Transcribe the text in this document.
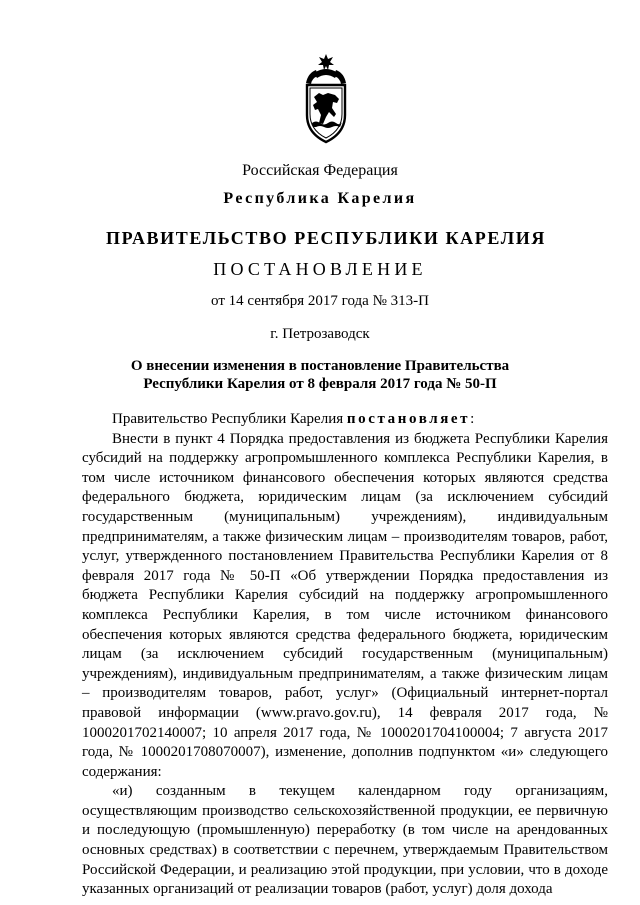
Российская Федерация
Республика Карелия
ПРАВИТЕЛЬСТВО РЕСПУБЛИКИ КАРЕЛИЯ
ПОСТАНОВЛЕНИЕ
от 14 сентября 2017 года № 313-П
г. Петрозаводск
О внесении изменения в постановление Правительства
Республики Карелия от 8 февраля 2017 года № 50-П

Правительство Республики Карелия постановляет:

Внести в пункт 4 Порядка предоставления из бюджета Республики Карелия субсидий на поддержку агропромышленного комплекса Республики Карелия, в том числе источником финансового обеспечения которых являются средства федерального бюджета, юридическим лицам (за исключением субсидий государственным (муниципальным) учреждениям), индивидуальным предпринимателям, а также физическим лицам – производителям товаров, работ, услуг, утвержденного постановлением Правительства Республики Карелия от 8 февраля 2017 года № 50-П «Об утверждении Порядка предоставления из бюджета Республики Карелия субсидий на поддержку агропромышленного комплекса Республики Карелия, в том числе источником финансового обеспечения которых являются средства федерального бюджета, юридическим лицам (за исключением субсидий государственным (муниципальным) учреждениям), индивидуальным предпринимателям, а также физическим лицам – производителям товаров, работ, услуг» (Официальный интернет-портал правовой информации (www.pravo.gov.ru), 14 февраля 2017 года, № 1000201702140007; 10 апреля 2017 года, № 1000201704100004; 7 августа 2017 года, № 1000201708070007), изменение, дополнив подпунктом «и» следующего содержания:

«и) созданным в текущем календарном году организациям, осуществляющим производство сельскохозяйственной продукции, ее первичную и последующую (промышленную) переработку (в том числе на арендованных основных средствах) в соответствии с перечнем, утверждаемым Правительством Российской Федерации, и реализацию этой продукции, при условии, что в доходе указанных организаций от реализации товаров (работ, услуг) доля дохода
